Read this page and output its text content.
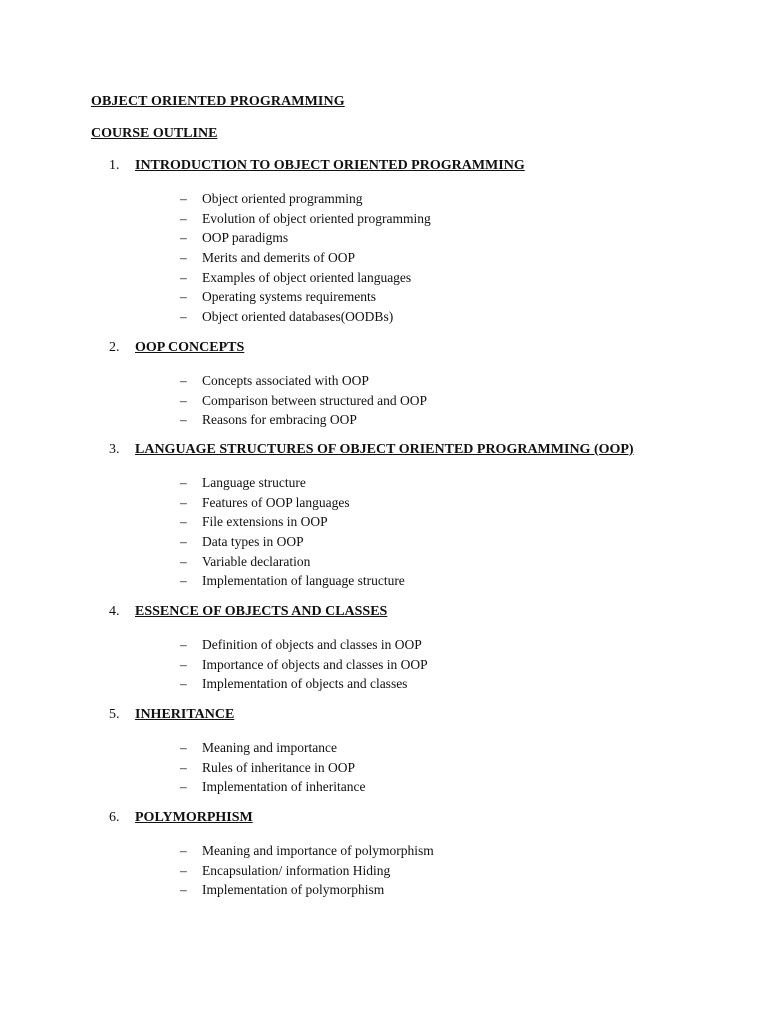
OBJECT ORIENTED PROGRAMMING
COURSE OUTLINE
1. INTRODUCTION TO OBJECT ORIENTED PROGRAMMING
– Object oriented programming
– Evolution of object oriented programming
– OOP paradigms
– Merits and demerits of OOP
– Examples of object oriented languages
– Operating systems requirements
– Object oriented databases(OODBs)
2. OOP CONCEPTS
– Concepts associated with OOP
– Comparison between structured and OOP
– Reasons for embracing OOP
3. LANGUAGE STRUCTURES OF OBJECT ORIENTED PROGRAMMING (OOP)
– Language structure
– Features of OOP languages
– File extensions in OOP
– Data types in OOP
– Variable declaration
– Implementation of language structure
4. ESSENCE OF OBJECTS AND CLASSES
– Definition of objects and classes in OOP
– Importance of objects and classes in OOP
– Implementation of objects and classes
5. INHERITANCE
– Meaning and importance
– Rules of inheritance in OOP
– Implementation of inheritance
6. POLYMORPHISM
– Meaning and importance of polymorphism
– Encapsulation/ information Hiding
– Implementation of polymorphism
